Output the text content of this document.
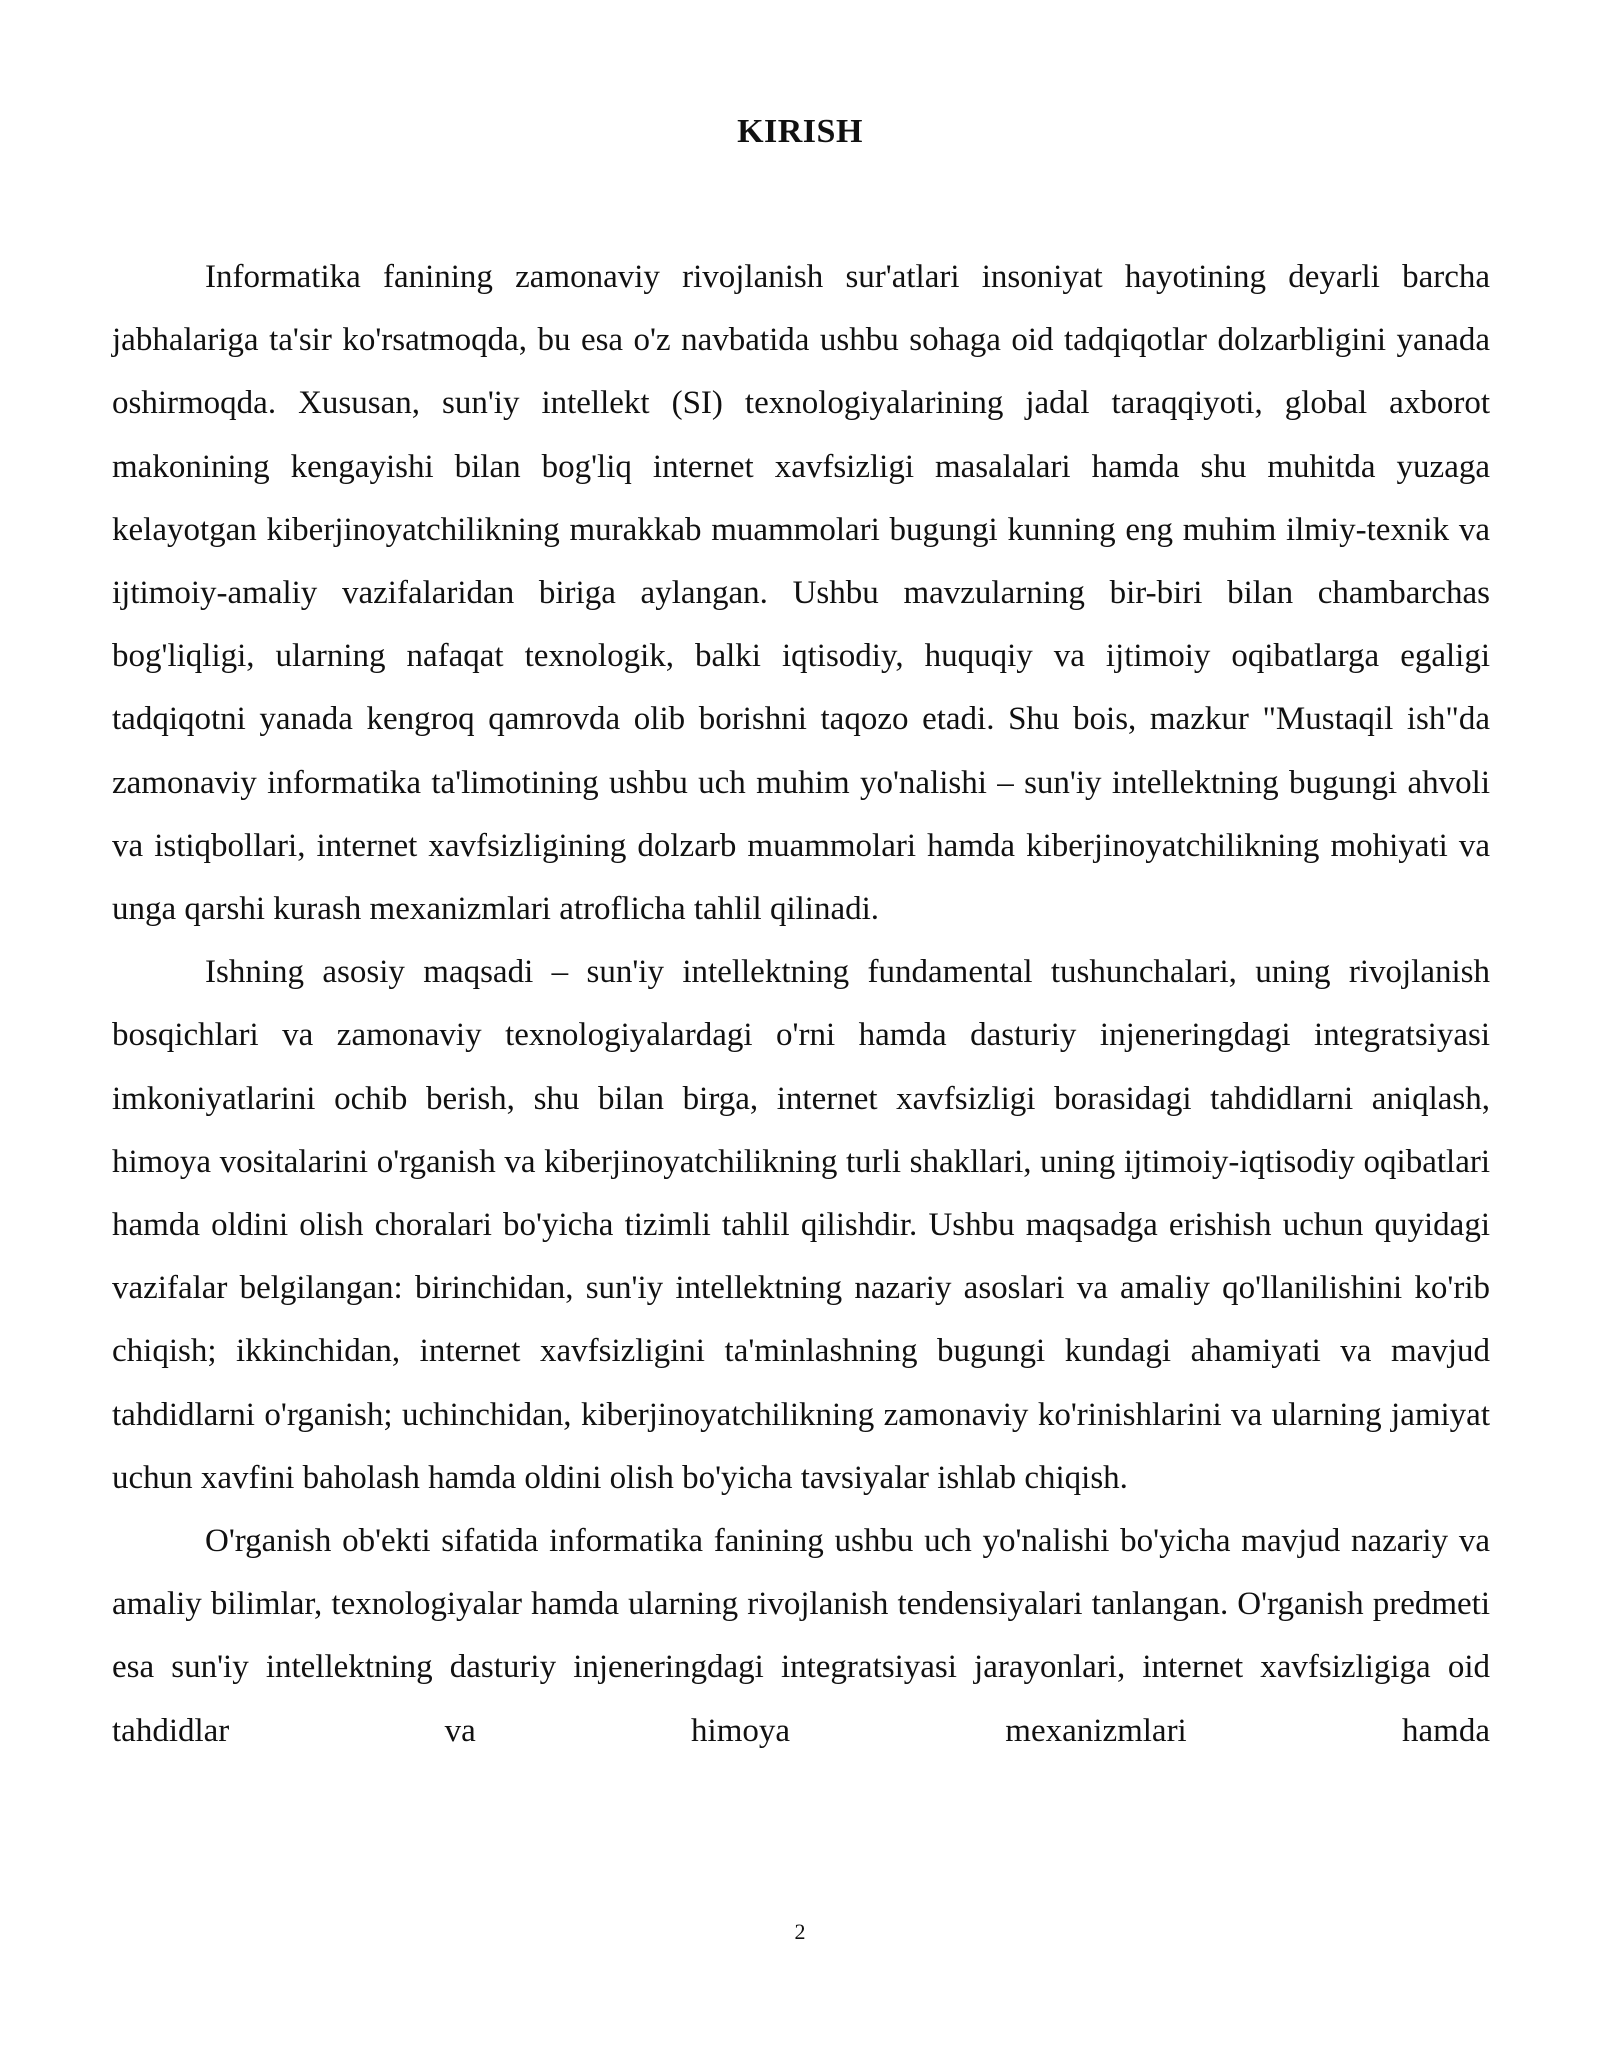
KIRISH

Informatika fanining zamonaviy rivojlanish sur'atlari insoniyat hayotining deyarli barcha jabhalariga ta'sir ko'rsatmoqda, bu esa o'z navbatida ushbu sohaga oid tadqiqotlar dolzarbligini yanada oshirmoqda. Xususan, sun'iy intellekt (SI) texnologiyalarining jadal taraqqiyoti, global axborot makonining kengayishi bilan bog'liq internet xavfsizligi masalalari hamda shu muhitda yuzaga kelayotgan kiberjinoyatchilikning murakkab muammolari bugungi kunning eng muhim ilmiy-texnik va ijtimoiy-amaliy vazifalaridan biriga aylangan. Ushbu mavzularning bir-biri bilan chambarchas bog'liqligi, ularning nafaqat texnologik, balki iqtisodiy, huquqiy va ijtimoiy oqibatlarga egaligi tadqiqotni yanada kengroq qamrovda olib borishni taqozo etadi. Shu bois, mazkur "Mustaqil ish"da zamonaviy informatika ta'limotining ushbu uch muhim yo'nalishi – sun'iy intellektning bugungi ahvoli va istiqbollari, internet xavfsizligining dolzarb muammolari hamda kiberjinoyatchilikning mohiyati va unga qarshi kurash mexanizmlari atroflicha tahlil qilinadi.

Ishning asosiy maqsadi – sun'iy intellektning fundamental tushunchalari, uning rivojlanish bosqichlari va zamonaviy texnologiyalardagi o'rni hamda dasturiy injeneringdagi integratsiyasi imkoniyatlarini ochib berish, shu bilan birga, internet xavfsizligi borasidagi tahdidlarni aniqlash, himoya vositalarini o'rganish va kiberjinoyatchilikning turli shakllari, uning ijtimoiy-iqtisodiy oqibatlari hamda oldini olish choralari bo'yicha tizimli tahlil qilishdir. Ushbu maqsadga erishish uchun quyidagi vazifalar belgilangan: birinchidan, sun'iy intellektning nazariy asoslari va amaliy qo'llanilishini ko'rib chiqish; ikkinchidan, internet xavfsizligini ta'minlashning bugungi kundagi ahamiyati va mavjud tahdidlarni o'rganish; uchinchidan, kiberjinoyatchilikning zamonaviy ko'rinishlarini va ularning jamiyat uchun xavfini baholash hamda oldini olish bo'yicha tavsiyalar ishlab chiqish.

O'rganish ob'ekti sifatida informatika fanining ushbu uch yo'nalishi bo'yicha mavjud nazariy va amaliy bilimlar, texnologiyalar hamda ularning rivojlanish tendensiyalari tanlangan. O'rganish predmeti esa sun'iy intellektning dasturiy injeneringdagi integratsiyasi jarayonlari, internet xavfsizligiga oid tahdidlar va himoya mexanizmlari hamda

2
